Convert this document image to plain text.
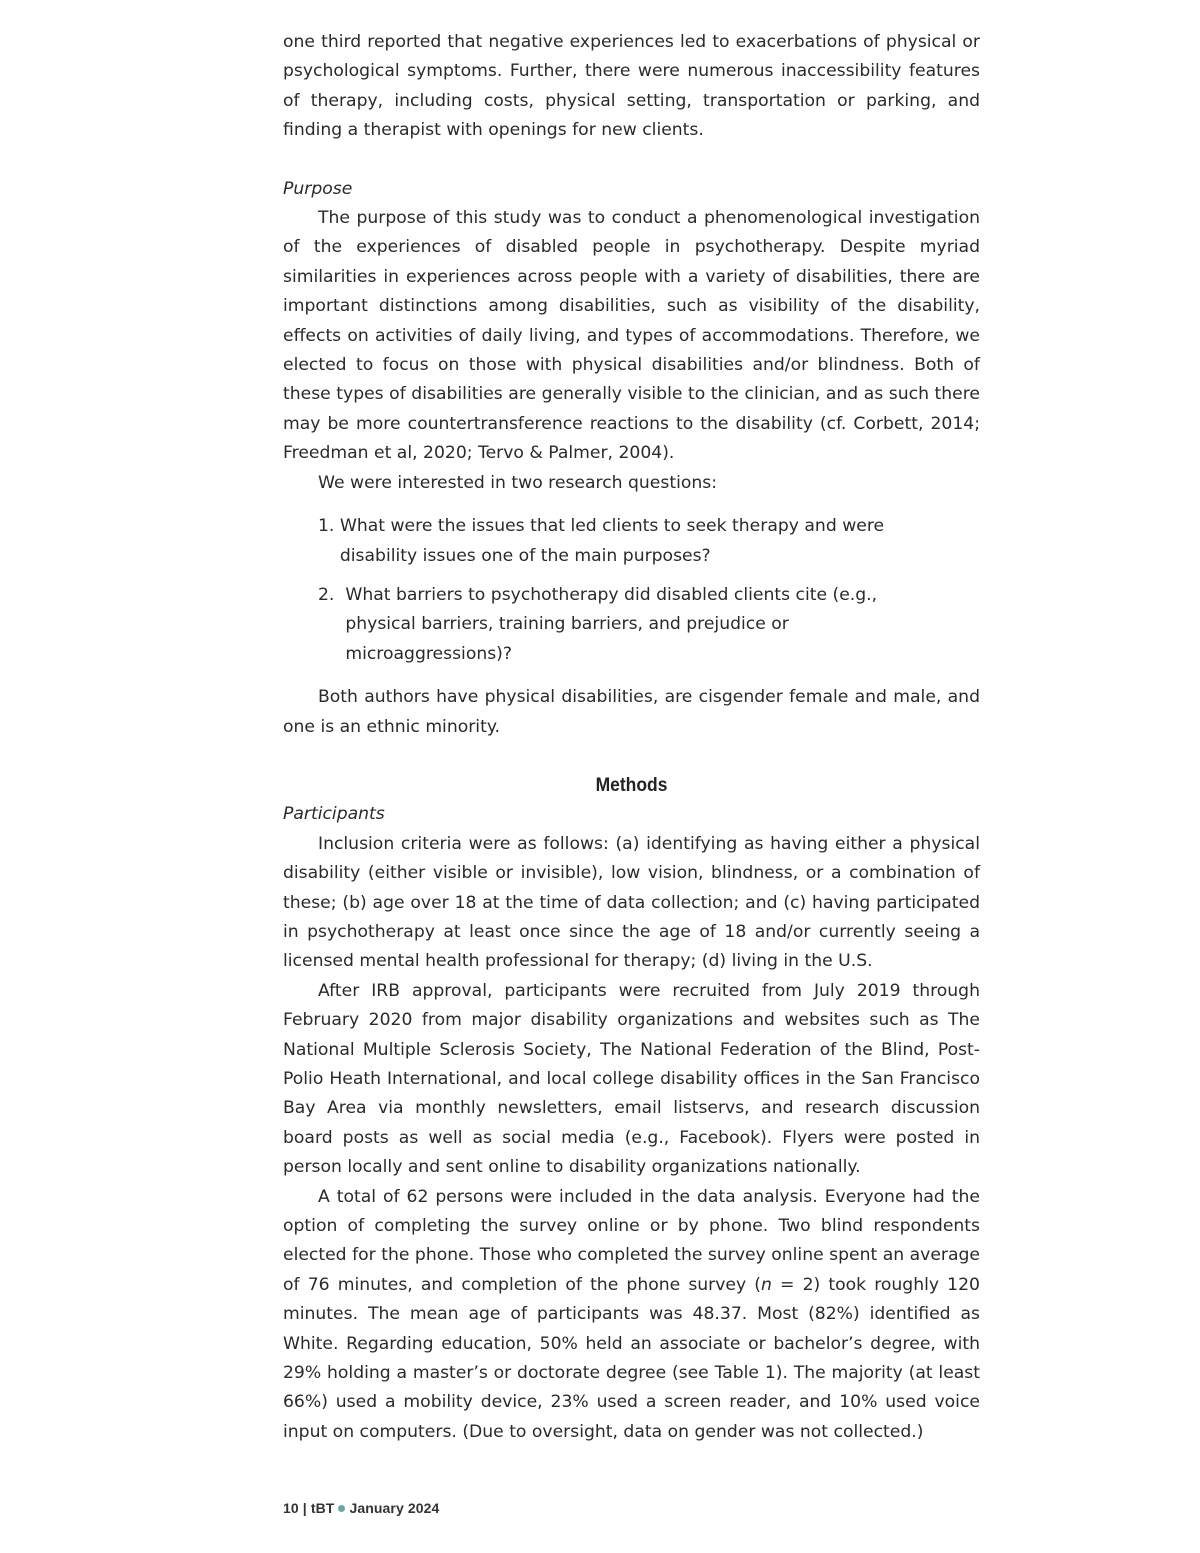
one third reported that negative experiences led to exacerbations of physical or psychological symptoms. Further, there were numerous inaccessibility features of therapy, including costs, physical setting, transportation or parking, and finding a therapist with openings for new clients.

Purpose

The purpose of this study was to conduct a phenomenological investigation of the experiences of disabled people in psychotherapy. Despite myriad similarities in experiences across people with a variety of disabilities, there are important distinctions among disabilities, such as visibility of the disability, effects on activities of daily living, and types of accommodations. Therefore, we elected to focus on those with physical disabilities and/or blindness. Both of these types of disabilities are generally visible to the clinician, and as such there may be more countertransference reactions to the disability (cf. Corbett, 2014; Freedman et al, 2020; Tervo & Palmer, 2004).

We were interested in two research questions:

1.
What were the issues that led clients to seek therapy and were disability issues one of the main purposes?
2.
What barriers to psychotherapy did disabled clients cite (e.g., physical barriers, training barriers, and prejudice or microaggressions)?

Both authors have physical disabilities, are cisgender female and male, and one is an ethnic minority.

Methods

Participants

Inclusion criteria were as follows: (a) identifying as having either a physical disability (either visible or invisible), low vision, blindness, or a combination of these; (b) age over 18 at the time of data collection; and (c) having participated in psychotherapy at least once since the age of 18 and/or currently seeing a licensed mental health professional for therapy; (d) living in the U.S.

After IRB approval, participants were recruited from July 2019 through February 2020 from major disability organizations and websites such as The National Multiple Sclerosis Society, The National Federation of the Blind, Post-Polio Heath International, and local college disability offices in the San Francisco Bay Area via monthly newsletters, email listservs, and research discussion board posts as well as social media (e.g., Facebook). Flyers were posted in person locally and sent online to disability organizations nationally.

A total of 62 persons were included in the data analysis. Everyone had the option of completing the survey online or by phone. Two blind respondents elected for the phone. Those who completed the survey online spent an average of 76 minutes, and completion of the phone survey (n = 2) took roughly 120 minutes. The mean age of participants was 48.37. Most (82%) identified as White. Regarding education, 50% held an associate or bachelor’s degree, with 29% holding a master’s or doctorate degree (see Table 1). The majority (at least 66%) used a mobility device, 23% used a screen reader, and 10% used voice input on computers. (Due to oversight, data on gender was not collected.)

10 | tBT January 2024
